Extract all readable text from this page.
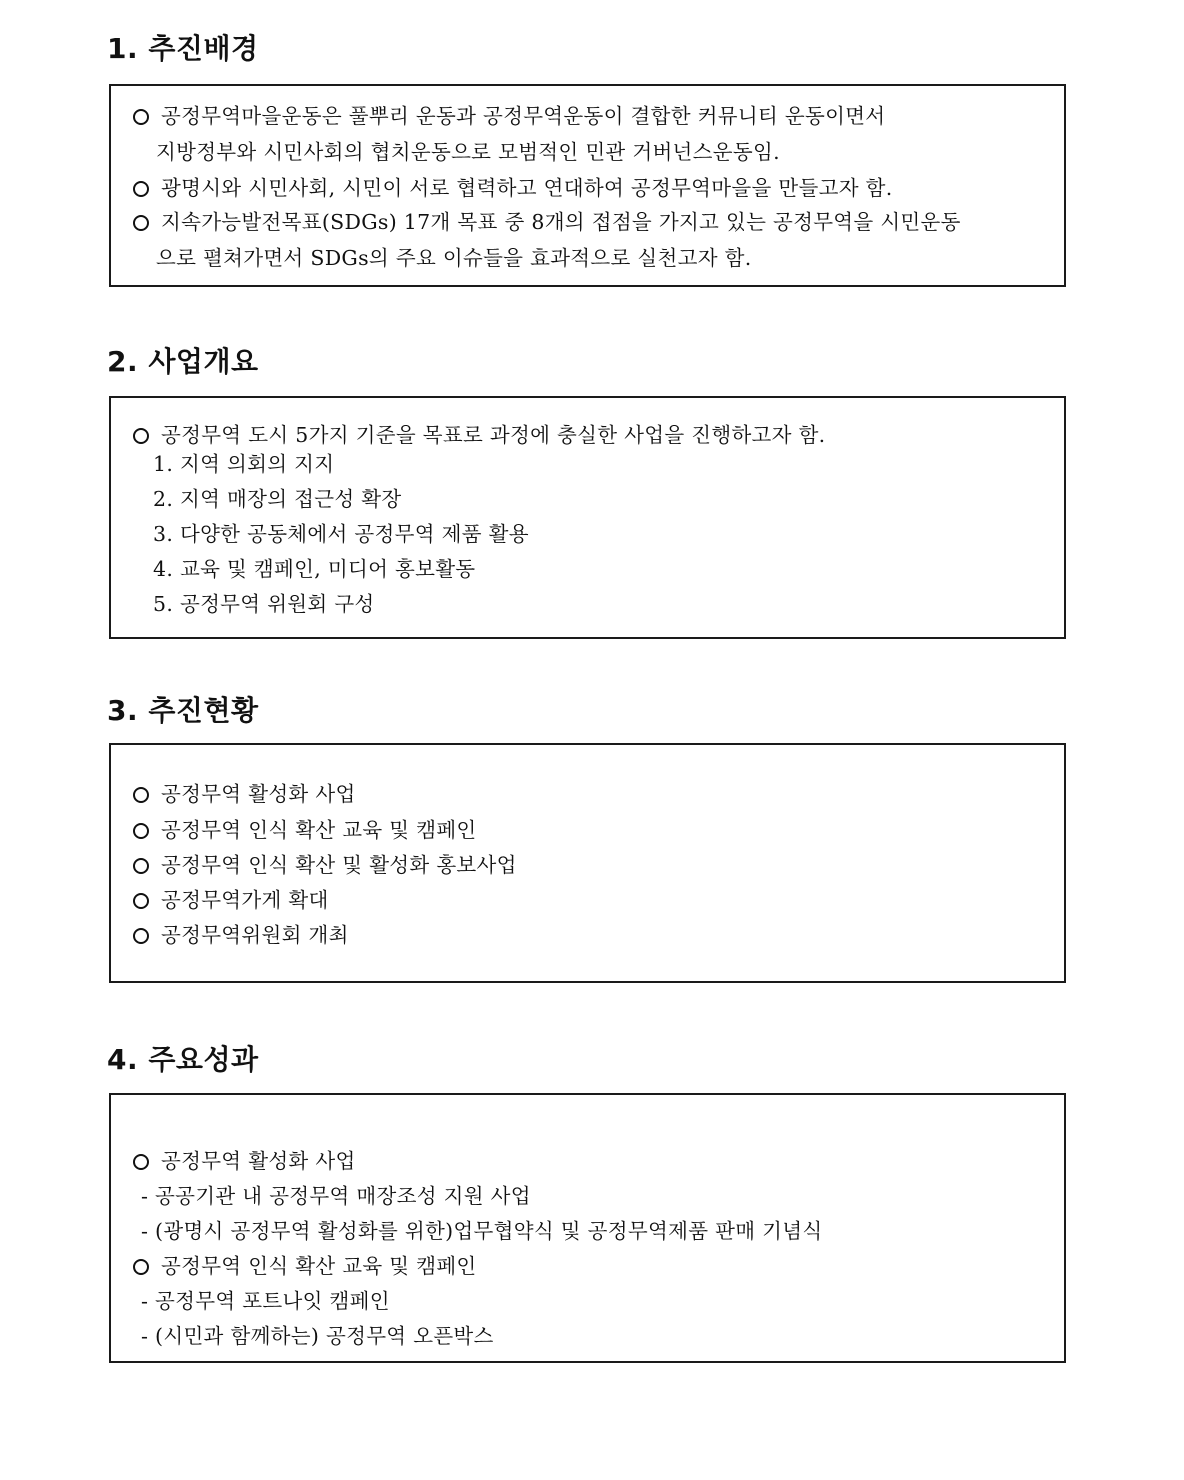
1. 추진배경
공정무역마을운동은 풀뿌리 운동과 공정무역운동이 결합한 커뮤니티 운동이면서
지방정부와 시민사회의 협치운동으로 모범적인 민관 거버넌스운동임.
광명시와 시민사회, 시민이 서로 협력하고 연대하여 공정무역마을을 만들고자 함.
지속가능발전목표(SDGs) 17개 목표 중 8개의 접점을 가지고 있는 공정무역을 시민운동
으로 펼쳐가면서 SDGs의 주요 이슈들을 효과적으로 실천고자 함.
2. 사업개요
공정무역 도시 5가지 기준을 목표로 과정에 충실한 사업을 진행하고자 함.
1. 지역 의회의 지지
2. 지역 매장의 접근성 확장
3. 다양한 공동체에서 공정무역 제품 활용
4. 교육 및 캠페인, 미디어 홍보활동
5. 공정무역 위원회 구성
3. 추진현황
공정무역 활성화 사업
공정무역 인식 확산 교육 및 캠페인
공정무역 인식 확산 및 활성화 홍보사업
공정무역가게 확대
공정무역위원회 개최
4. 주요성과
공정무역 활성화 사업
- 공공기관 내 공정무역 매장조성 지원 사업
- (광명시 공정무역 활성화를 위한)업무협약식 및 공정무역제품 판매 기념식
공정무역 인식 확산 교육 및 캠페인
- 공정무역 포트나잇 캠페인
- (시민과 함께하는) 공정무역 오픈박스
